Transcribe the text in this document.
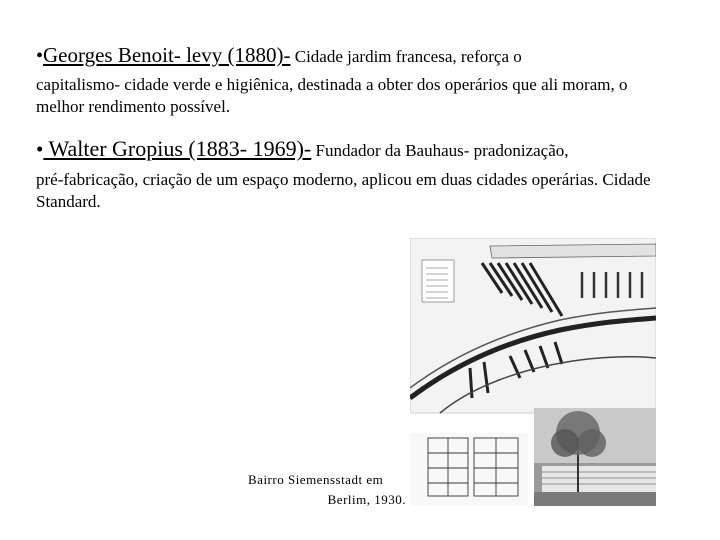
•Georges Benoit- levy (1880)- Cidade jardim francesa, reforça o
capitalismo- cidade verde e higiênica, destinada a obter dos operários que ali moram, o melhor rendimento possível.
• Walter Gropius (1883- 1969)- Fundador da Bauhaus- pradonização,
pré-fabricação, criação de um espaço moderno, aplicou em duas cidades operárias. Cidade Standard.
Bairro Siemensstadt em
Berlim, 1930.
